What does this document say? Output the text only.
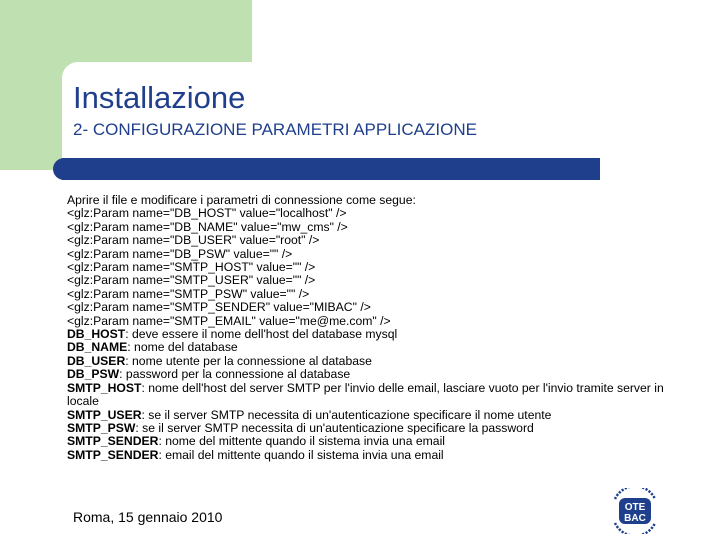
Installazione
2- CONFIGURAZIONE PARAMETRI APPLICAZIONE
Aprire il file e modificare i parametri di connessione come segue:
<glz:Param name="DB_HOST" value="localhost" />
<glz:Param name="DB_NAME" value="mw_cms" />
<glz:Param name="DB_USER" value="root" />
<glz:Param name="DB_PSW" value="" />
<glz:Param name="SMTP_HOST" value="" />
<glz:Param name="SMTP_USER" value="" />
<glz:Param name="SMTP_PSW" value="" />
<glz:Param name="SMTP_SENDER" value="MIBAC" />
<glz:Param name="SMTP_EMAIL" value="me@me.com" />
DB_HOST: deve essere il nome dell'host del database mysql
DB_NAME: nome del database
DB_USER: nome utente per la connessione al database
DB_PSW: password per la connessione al database
SMTP_HOST: nome dell'host del server SMTP per l'invio delle email, lasciare vuoto per l'invio tramite server in locale
SMTP_USER: se il server SMTP necessita di un'autenticazione specificare il nome utente
SMTP_PSW: se il server SMTP necessita di un'autenticazione specificare la password
SMTP_SENDER: nome del mittente quando il sistema invia una email
SMTP_SENDER: email del mittente quando il sistema invia una email
Roma, 15 gennaio 2010
OTE
BAC
